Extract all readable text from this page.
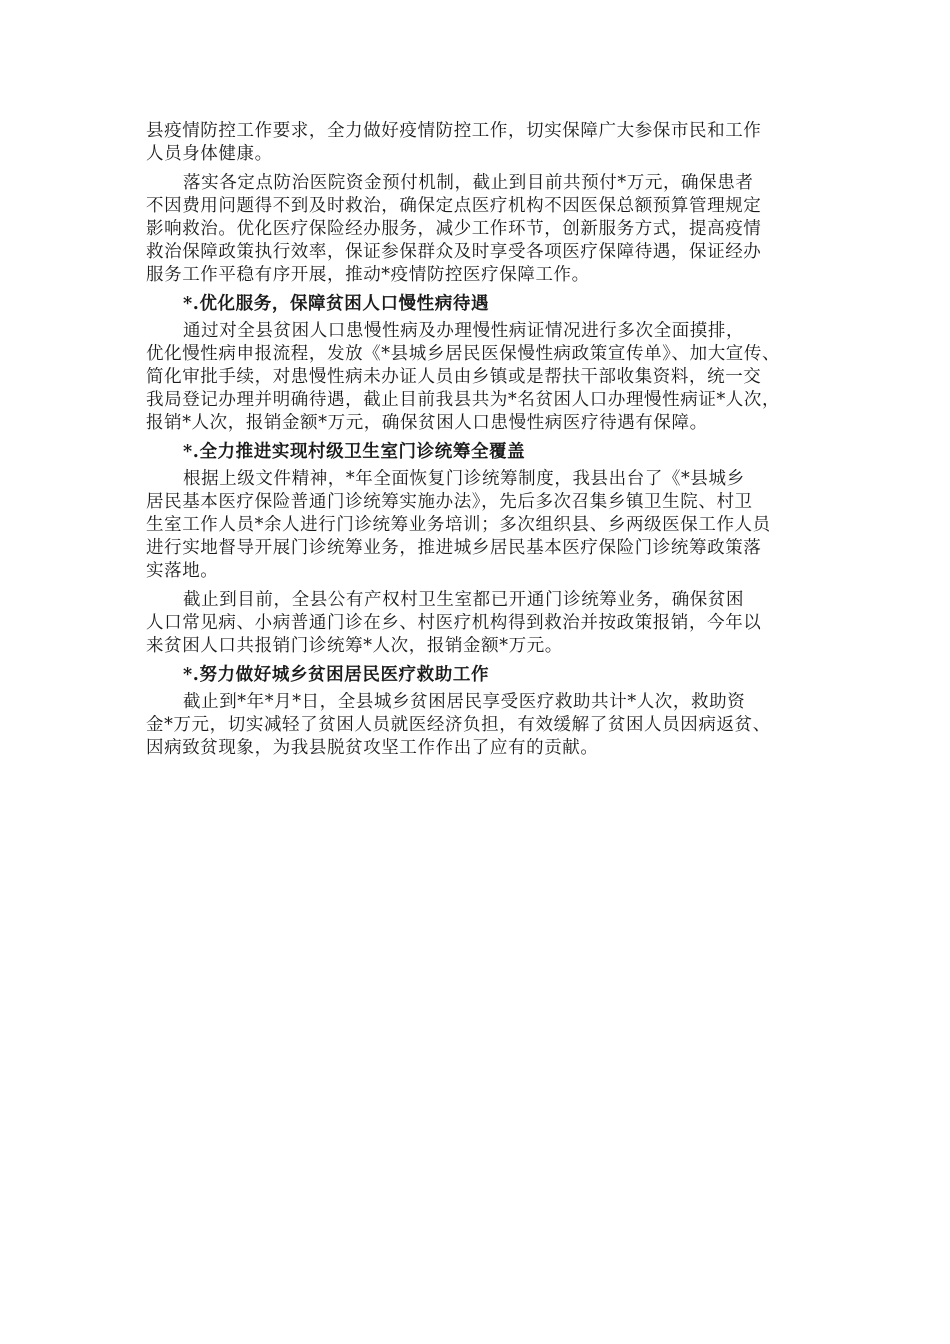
县疫情防控工作要求，全力做好疫情防控工作，切实保障广大参保市民和工作
人员身体健康。

落实各定点防治医院资金预付机制，截止到目前共预付*万元，确保患者
不因费用问题得不到及时救治，确保定点医疗机构不因医保总额预算管理规定
影响救治。优化医疗保险经办服务，减少工作环节，创新服务方式，提高疫情
救治保障政策执行效率，保证参保群众及时享受各项医疗保障待遇，保证经办
服务工作平稳有序开展，推动*疫情防控医疗保障工作。

*.优化服务，保障贫困人口慢性病待遇

通过对全县贫困人口患慢性病及办理慢性病证情况进行多次全面摸排，
优化慢性病申报流程，发放《*县城乡居民医保慢性病政策宣传单》、加大宣传、
简化审批手续，对患慢性病未办证人员由乡镇或是帮扶干部收集资料，统一交
我局登记办理并明确待遇，截止目前我县共为*名贫困人口办理慢性病证*人次，
报销*人次，报销金额*万元，确保贫困人口患慢性病医疗待遇有保障。

*.全力推进实现村级卫生室门诊统筹全覆盖

根据上级文件精神，*年全面恢复门诊统筹制度，我县出台了《*县城乡
居民基本医疗保险普通门诊统筹实施办法》，先后多次召集乡镇卫生院、村卫
生室工作人员*余人进行门诊统筹业务培训；多次组织县、乡两级医保工作人员
进行实地督导开展门诊统筹业务，推进城乡居民基本医疗保险门诊统筹政策落
实落地。

截止到目前，全县公有产权村卫生室都已开通门诊统筹业务，确保贫困
人口常见病、小病普通门诊在乡、村医疗机构得到救治并按政策报销，今年以
来贫困人口共报销门诊统筹*人次，报销金额*万元。

*.努力做好城乡贫困居民医疗救助工作

截止到*年*月*日，全县城乡贫困居民享受医疗救助共计*人次，救助资
金*万元，切实减轻了贫困人员就医经济负担，有效缓解了贫困人员因病返贫、
因病致贫现象，为我县脱贫攻坚工作作出了应有的贡献。
